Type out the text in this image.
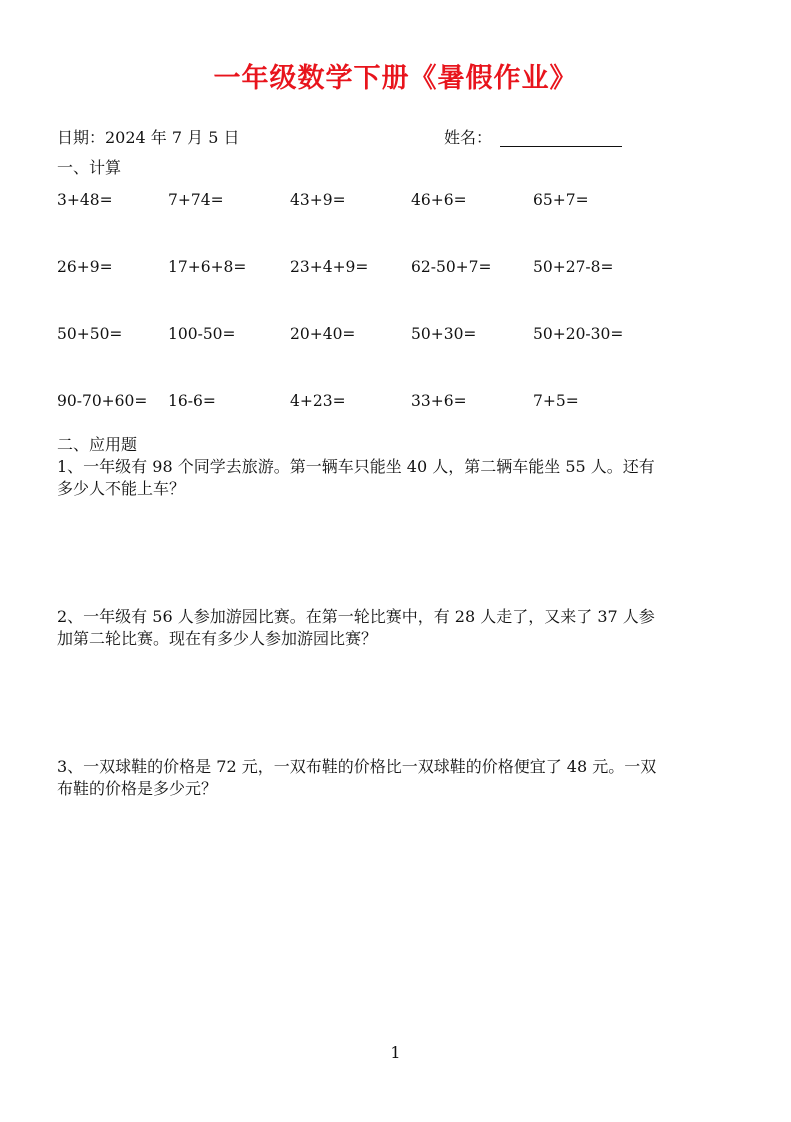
一年级数学下册《暑假作业》
日期：2024 年 7 月 5 日	姓名：
一、计算
3+48=	7+74=	43+9=	46+6=	65+7=
26+9=	17+6+8=	23+4+9=	62-50+7=	50+27-8=
50+50=	100-50=	20+40=	50+30=	50+20-30=
90-70+60= 16-6=	4+23=	33+6=	7+5=
二、应用题
1、一年级有 98 个同学去旅游。第一辆车只能坐 40 人，第二辆车能坐 55 人。还有
多少人不能上车？
2、一年级有 56 人参加游园比赛。在第一轮比赛中，有 28 人走了，又来了 37 人参
加第二轮比赛。现在有多少人参加游园比赛？
3、一双球鞋的价格是 72 元，一双布鞋的价格比一双球鞋的价格便宜了 48 元。一双
布鞋的价格是多少元？
1
